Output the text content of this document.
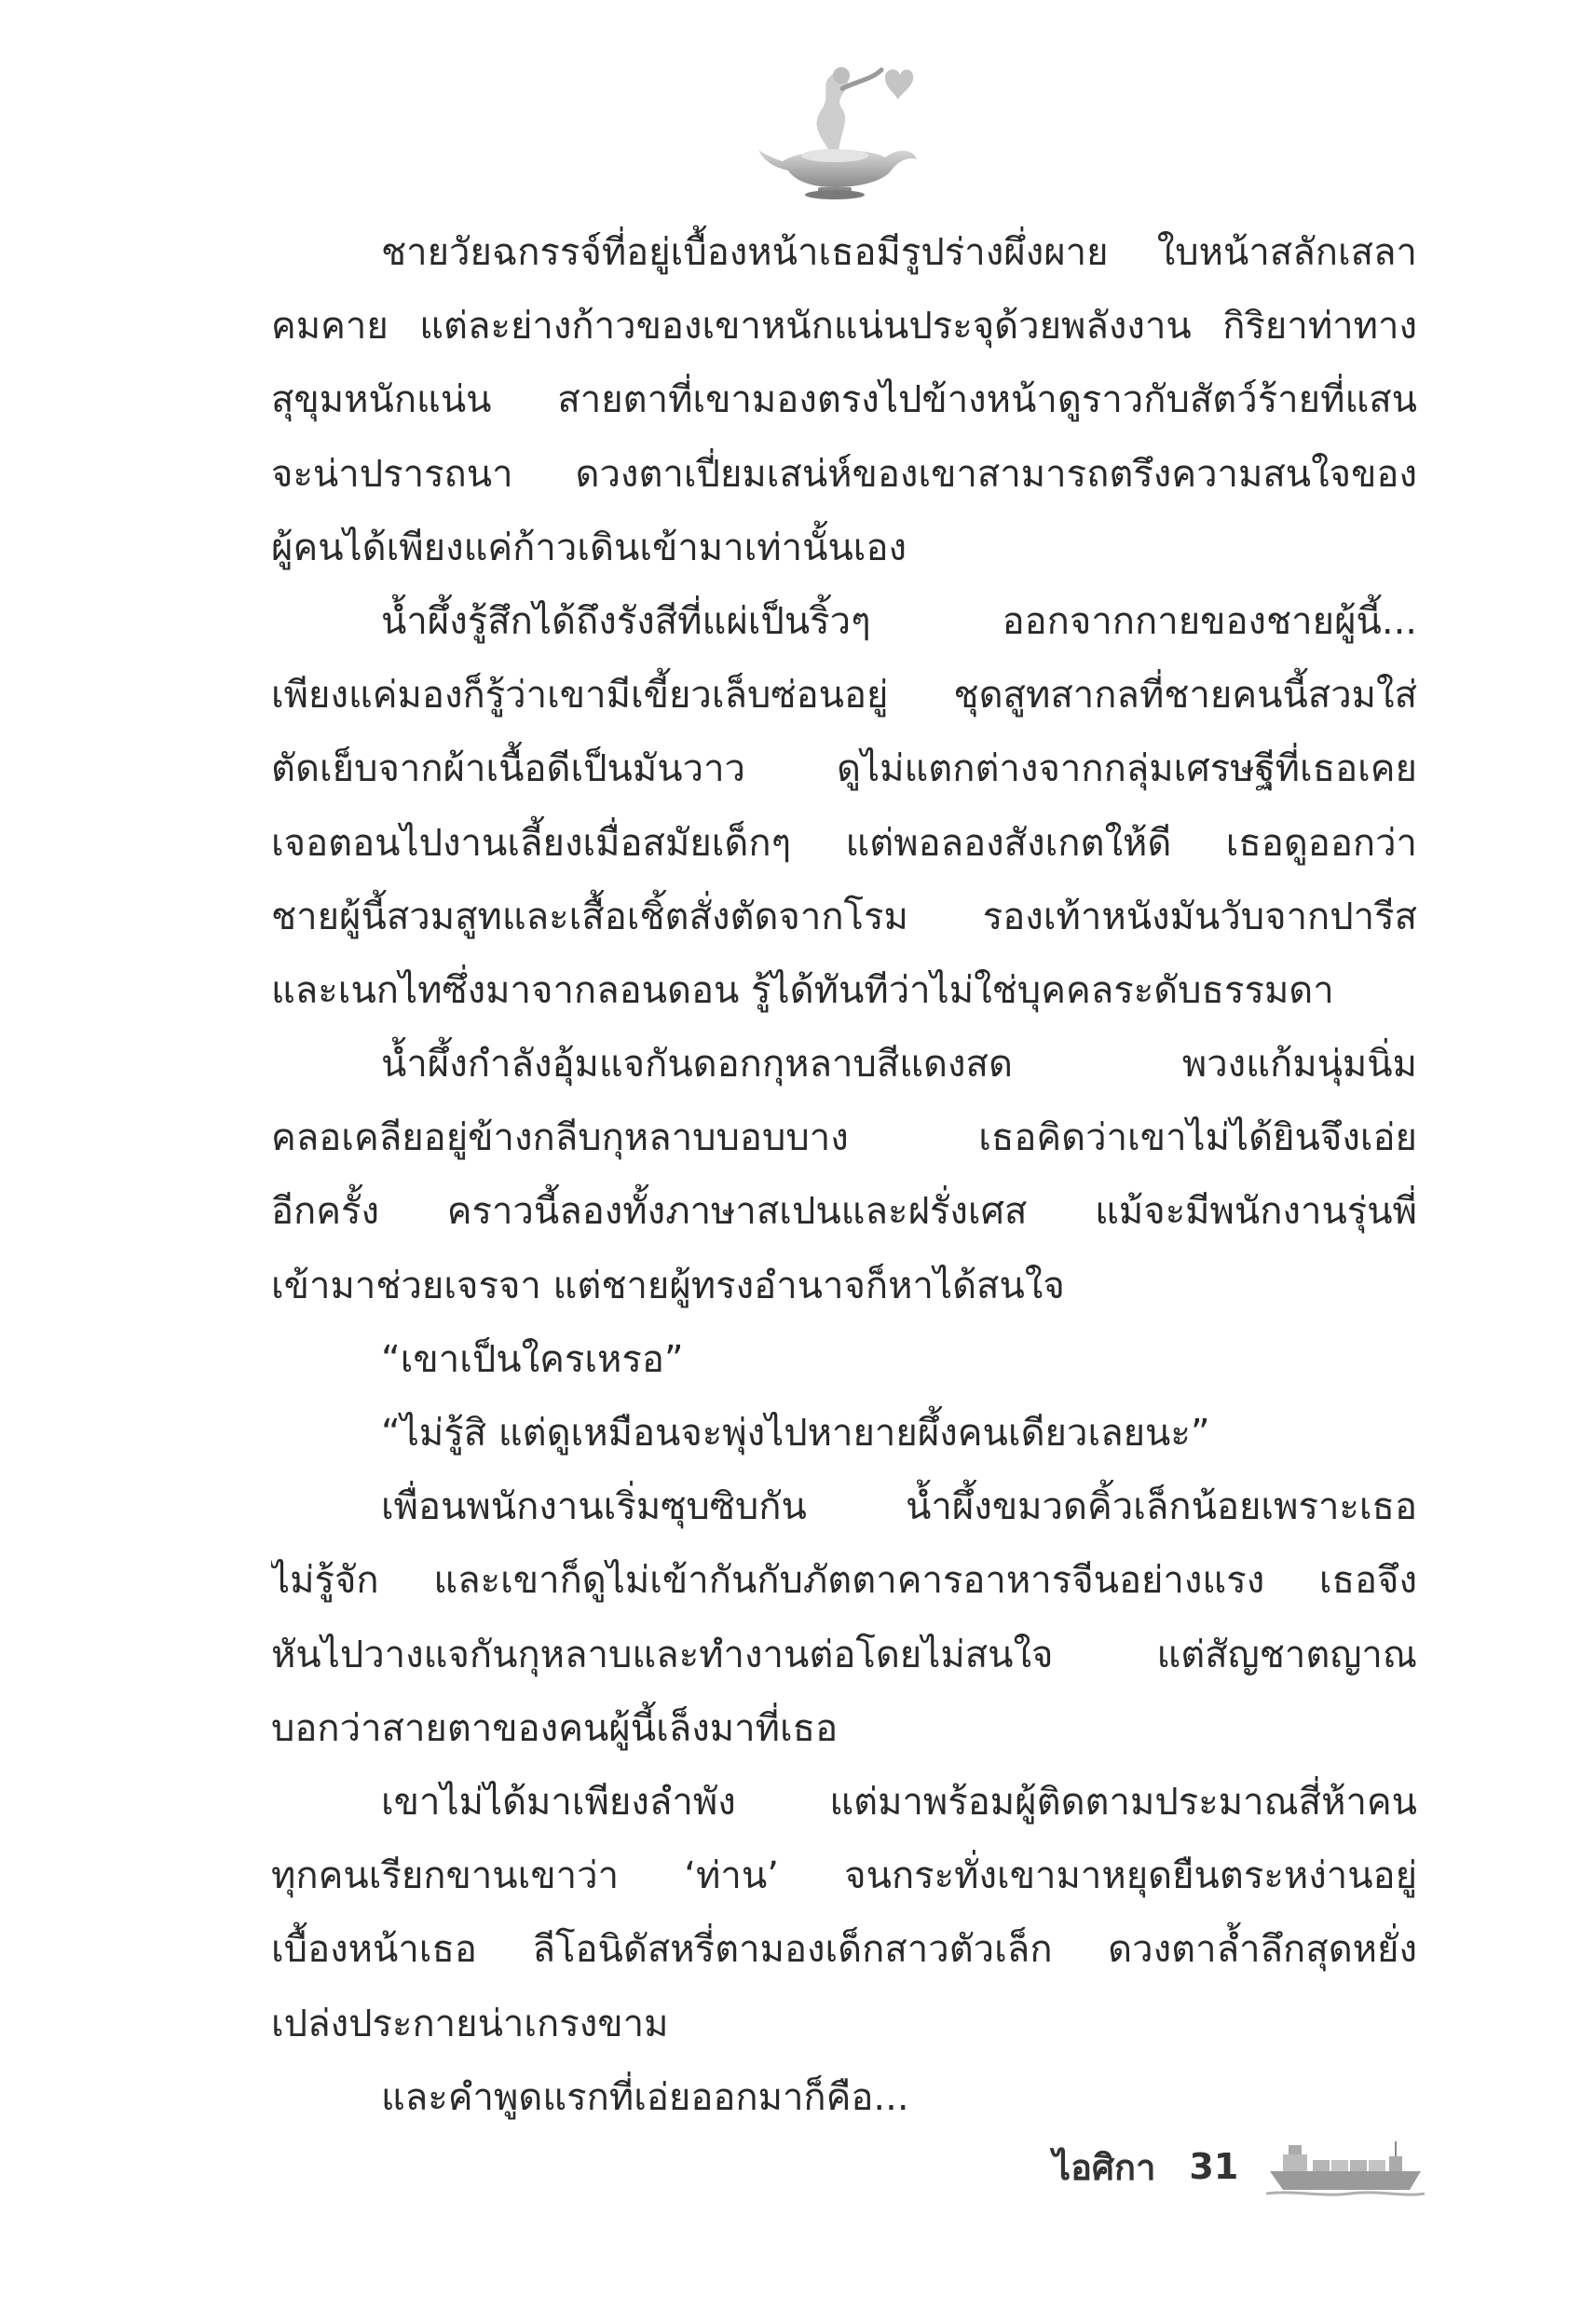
ชายวัยฉกรรจ์ที่อยู่เบื้องหน้าเธอมีรูปร่างผึ่งผาย ใบหน้าสลักเสลา
คมคาย แต่ละย่างก้าวของเขาหนักแน่นประจุด้วยพลังงาน กิริยาท่าทาง
สุขุมหนักแน่น สายตาที่เขามองตรงไปข้างหน้าดูราวกับสัตว์ร้ายที่แสน
จะน่าปรารถนา ดวงตาเปี่ยมเสน่ห์ของเขาสามารถตรึงความสนใจของ
ผู้คนได้เพียงแค่ก้าวเดินเข้ามาเท่านั้นเอง
น้ำผึ้งรู้สึกได้ถึงรังสีที่แผ่เป็นริ้วๆ ออกจากกายของชายผู้นี้...
เพียงแค่มองก็รู้ว่าเขามีเขี้ยวเล็บซ่อนอยู่ ชุดสูทสากลที่ชายคนนี้สวมใส่
ตัดเย็บจากผ้าเนื้อดีเป็นมันวาว ดูไม่แตกต่างจากกลุ่มเศรษฐีที่เธอเคย
เจอตอนไปงานเลี้ยงเมื่อสมัยเด็กๆ แต่พอลองสังเกตให้ดี เธอดูออกว่า
ชายผู้นี้สวมสูทและเสื้อเชิ้ตสั่งตัดจากโรม รองเท้าหนังมันวับจากปารีส
และเนกไทซึ่งมาจากลอนดอน รู้ได้ทันทีว่าไม่ใช่บุคคลระดับธรรมดา
น้ำผึ้งกำลังอุ้มแจกันดอกกุหลาบสีแดงสด พวงแก้มนุ่มนิ่ม
คลอเคลียอยู่ข้างกลีบกุหลาบบอบบาง เธอคิดว่าเขาไม่ได้ยินจึงเอ่ย
อีกครั้ง คราวนี้ลองทั้งภาษาสเปนและฝรั่งเศส แม้จะมีพนักงานรุ่นพี่
เข้ามาช่วยเจรจา แต่ชายผู้ทรงอำนาจก็หาได้สนใจ
“เขาเป็นใครเหรอ”
“ไม่รู้สิ แต่ดูเหมือนจะพุ่งไปหายายผึ้งคนเดียวเลยนะ”
เพื่อนพนักงานเริ่มซุบซิบกัน น้ำผึ้งขมวดคิ้วเล็กน้อยเพราะเธอ
ไม่รู้จัก และเขาก็ดูไม่เข้ากันกับภัตตาคารอาหารจีนอย่างแรง เธอจึง
หันไปวางแจกันกุหลาบและทำงานต่อโดยไม่สนใจ แต่สัญชาตญาณ
บอกว่าสายตาของคนผู้นี้เล็งมาที่เธอ
เขาไม่ได้มาเพียงลำพัง แต่มาพร้อมผู้ติดตามประมาณสี่ห้าคน
ทุกคนเรียกขานเขาว่า ‘ท่าน’ จนกระทั่งเขามาหยุดยืนตระหง่านอยู่
เบื้องหน้าเธอ ลีโอนิดัสหรี่ตามองเด็กสาวตัวเล็ก ดวงตาล้ำลึกสุดหยั่ง
เปล่งประกายน่าเกรงขาม
และคำพูดแรกที่เอ่ยออกมาก็คือ...
ไอศิกา 31
